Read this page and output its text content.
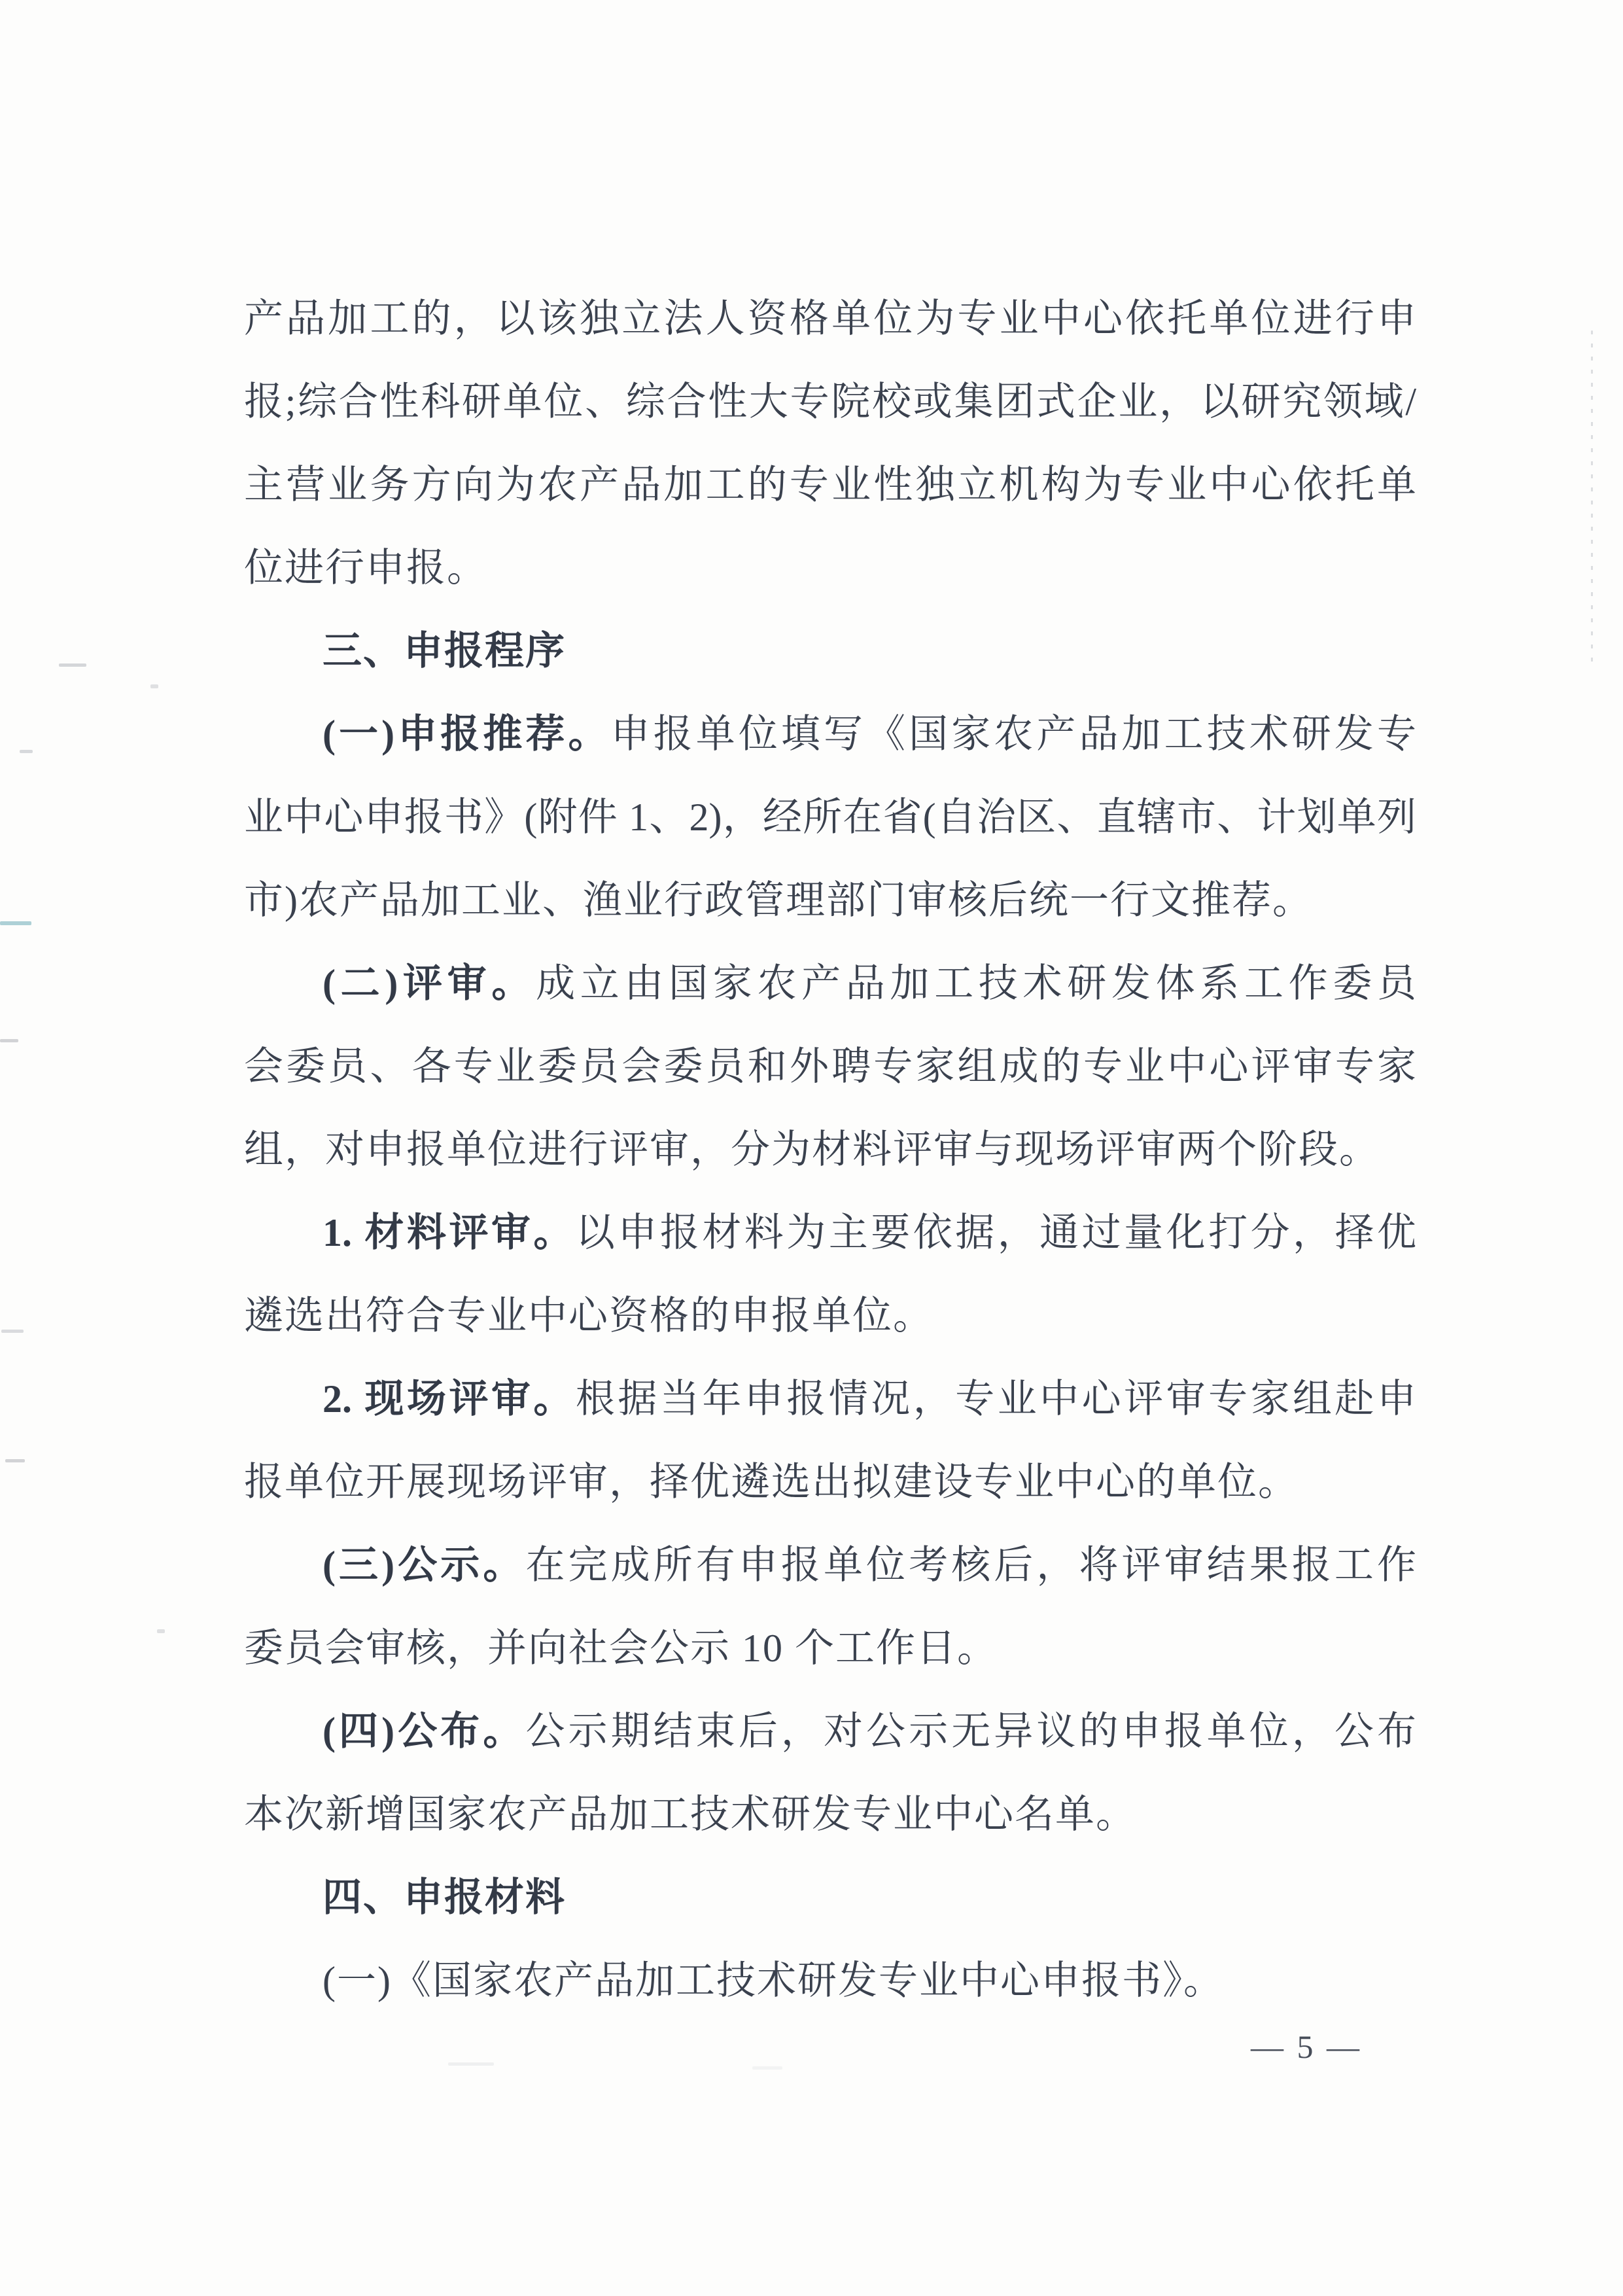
产品加工的，以该独立法人资格单位为专业中心依托单位进行申
报;综合性科研单位、综合性大专院校或集团式企业，以研究领域/
主营业务方向为农产品加工的专业性独立机构为专业中心依托单
位进行申报。
三、申报程序
(一)申报推荐。申报单位填写《国家农产品加工技术研发专
业中心申报书》(附件 1、2)，经所在省(自治区、直辖市、计划单列
市)农产品加工业、渔业行政管理部门审核后统一行文推荐。
(二)评审。成立由国家农产品加工技术研发体系工作委员
会委员、各专业委员会委员和外聘专家组成的专业中心评审专家
组，对申报单位进行评审，分为材料评审与现场评审两个阶段。
1. 材料评审。以申报材料为主要依据，通过量化打分，择优
遴选出符合专业中心资格的申报单位。
2. 现场评审。根据当年申报情况，专业中心评审专家组赴申
报单位开展现场评审，择优遴选出拟建设专业中心的单位。
(三)公示。在完成所有申报单位考核后，将评审结果报工作
委员会审核，并向社会公示 10 个工作日。
(四)公布。公示期结束后，对公示无异议的申报单位，公布
本次新增国家农产品加工技术研发专业中心名单。
四、申报材料
(一)《国家农产品加工技术研发专业中心申报书》。
— 5 —
